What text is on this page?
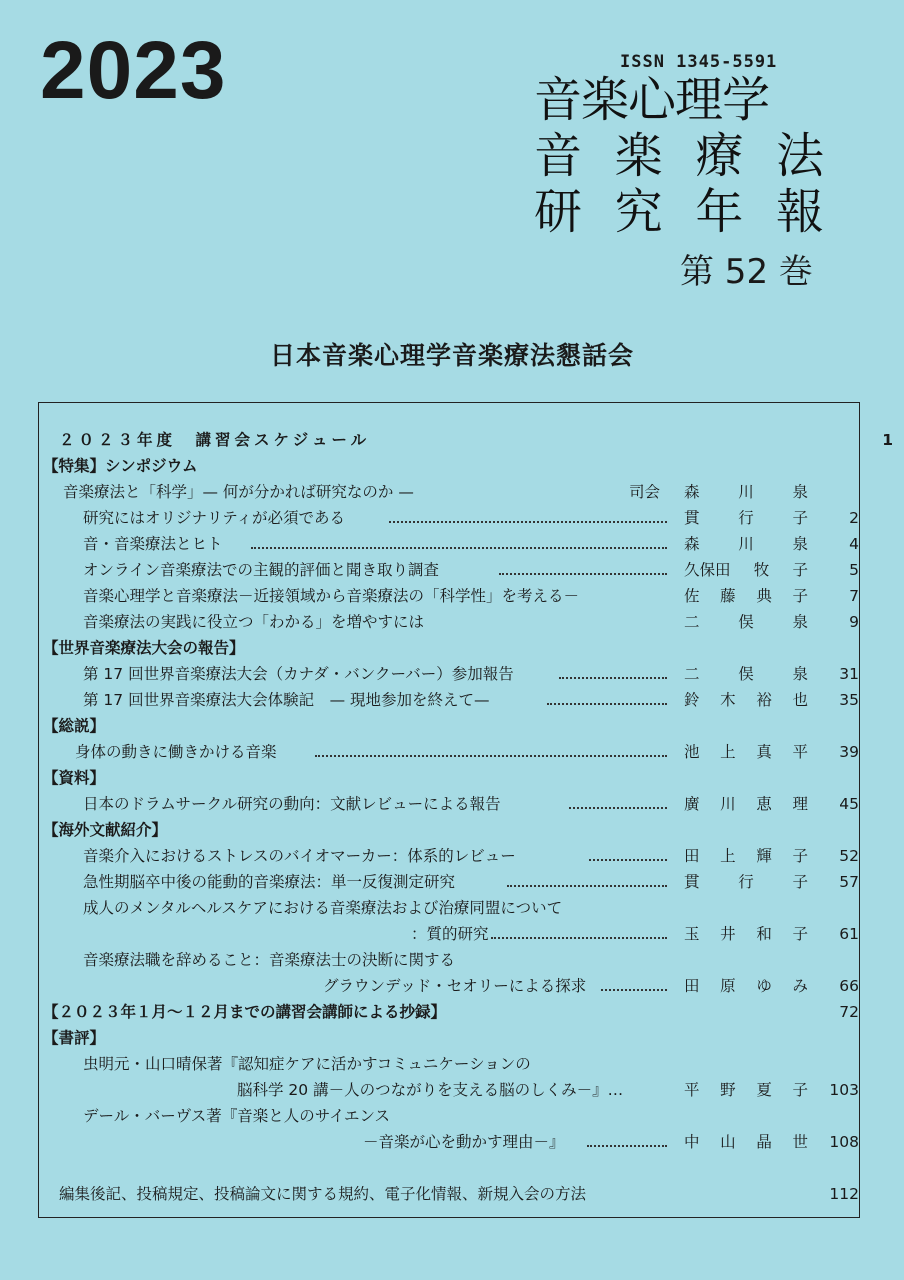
2023	ISSN 1345-5591
音 楽 心 理 学
音 楽 療 法
研 究 年 報
第 52 巻
日本音楽心理学音楽療法懇話会
２０２３年度　講習会スケジュール	1
【特集】シンポジウム
音楽療法と「科学」— 何が分かれば研究なのか —	司会 森 川 泉
研究にはオリジナリティが必須である	貫 行 子	2
音・音楽療法とヒト	森 川 泉	4
オンライン音楽療法での主観的評価と聞き取り調査	久保田 牧 子	5
音楽心理学と音楽療法－近接領域から音楽療法の「科学性」を考える－	佐 藤 典 子	7
音楽療法の実践に役立つ「わかる」を増やすには	二 俣 泉	9
【世界音楽療法大会の報告】
第 17 回世界音楽療法大会（カナダ・バンクーバー）参加報告	二 俣 泉	31
第 17 回世界音楽療法大会体験記　— 現地参加を終えて—	鈴 木 裕 也	35
【総説】
身体の動きに働きかける音楽	池 上 真 平	39
【資料】
日本のドラムサークル研究の動向：文献レビューによる報告	廣 川 恵 理	45
【海外文献紹介】
音楽介入におけるストレスのバイオマーカー：体系的レビュー	田 上 輝 子	52
急性期脳卒中後の能動的音楽療法：単一反復測定研究	貫 行 子	57
成人のメンタルヘルスケアにおける音楽療法および治療同盟について
：質的研究	玉 井 和 子	61
音楽療法職を辞めること：音楽療法士の決断に関する
グラウンデッド・セオリーによる探求	田 原 ゆ み	66
【２０２３年１月～１２月までの講習会講師による抄録】	72
【書評】
虫明元・山口晴保著『認知症ケアに活かすコミュニケーションの
脳科学 20 講－人のつながりを支える脳のしくみ－』…	平 野 夏 子	103
デール・バーヴス著『音楽と人のサイエンス
－音楽が心を動かす理由－』	中 山 晶 世	108
編集後記、投稿規定、投稿論文に関する規約、電子化情報、新規入会の方法	112
